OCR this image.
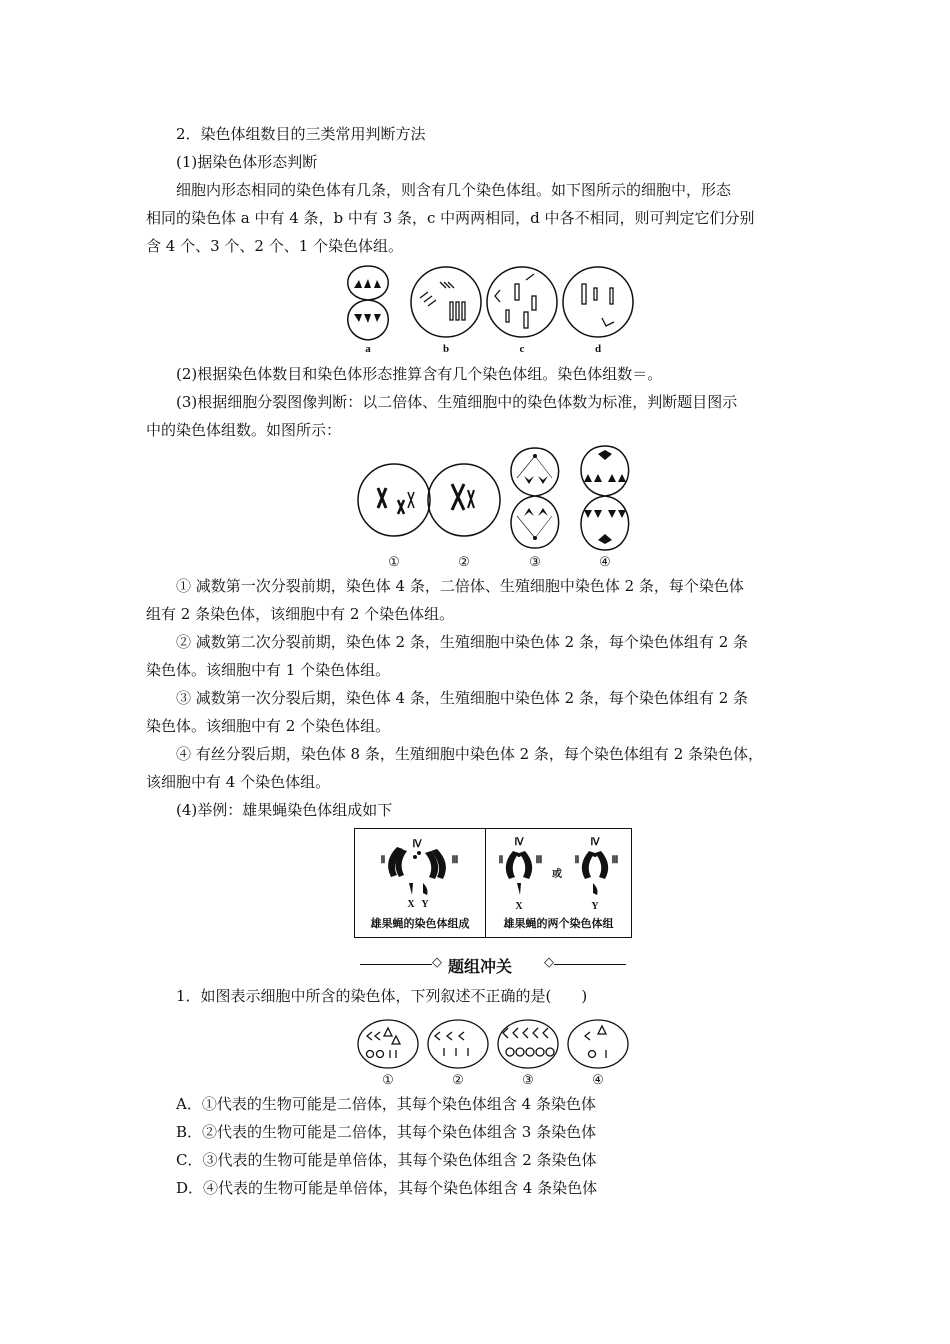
2．染色体组数目的三类常用判断方法
(1)据染色体形态判断
细胞内形态相同的染色体有几条，则含有几个染色体组。如下图所示的细胞中，形态
相同的染色体 a 中有 4 条，b 中有 3 条，c 中两两相同，d 中各不相同，则可判定它们分别
含 4 个、3 个、2 个、1 个染色体组。
a	b	c	d
(2)根据染色体数目和染色体形态推算含有几个染色体组。染色体组数＝。
(3)根据细胞分裂图像判断：以二倍体、生殖细胞中的染色体数为标准，判断题目图示
中的染色体组数。如图所示：
①	②	③	④
① 减数第一次分裂前期，染色体 4 条，二倍体、生殖细胞中染色体 2 条，每个染色体
组有 2 条染色体，该细胞中有 2 个染色体组。
② 减数第二次分裂前期，染色体 2 条，生殖细胞中染色体 2 条，每个染色体组有 2 条
染色体。该细胞中有 1 个染色体组。
③ 减数第一次分裂后期，染色体 4 条，生殖细胞中染色体 2 条，每个染色体组有 2 条
染色体。该细胞中有 2 个染色体组。
④ 有丝分裂后期，染色体 8 条，生殖细胞中染色体 2 条，每个染色体组有 2 条染色体，
该细胞中有 4 个染色体组。
(4)举例：雄果蝇染色体组成如下
Ⅱ	Ⅲ
Ⅳ
X Y
Ⅱ	Ⅲ
Ⅳ
X
或
Ⅱ	Ⅲ
Ⅳ
Y
雄果蝇的染色体组成	雄果蝇的两个染色体组
◇ 题组冲关 ◇
1．如图表示细胞中所含的染色体，下列叙述不正确的是(　　)
①	②	③	④
A．①代表的生物可能是二倍体，其每个染色体组含 4 条染色体
B．②代表的生物可能是二倍体，其每个染色体组含 3 条染色体
C．③代表的生物可能是单倍体，其每个染色体组含 2 条染色体
D．④代表的生物可能是单倍体，其每个染色体组含 4 条染色体
